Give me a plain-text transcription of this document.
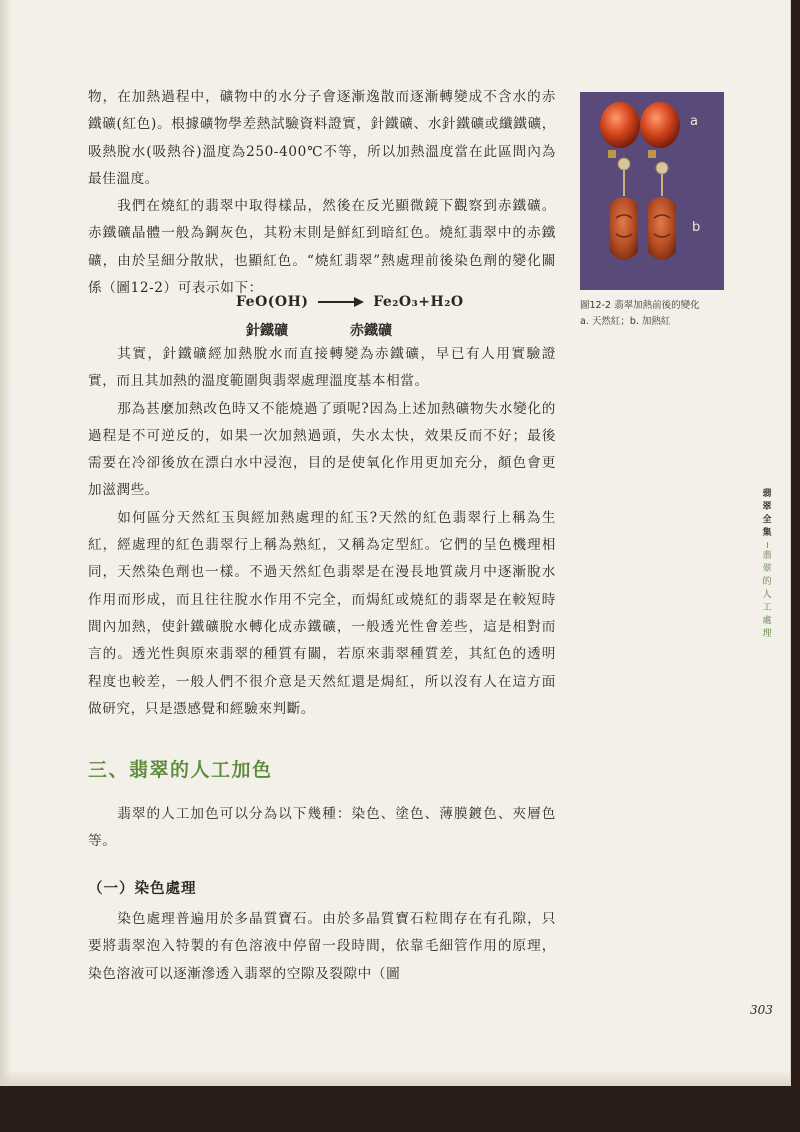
物，在加熱過程中，礦物中的水分子會逐漸逸散而逐漸轉變成不含水的赤鐵礦(紅色)。根據礦物學差熱試驗資料證實，針鐵礦、水針鐵礦或纖鐵礦，吸熱脫水(吸熱谷)溫度為250-400℃不等，所以加熱溫度當在此區間內為最佳溫度。

我們在燒紅的翡翠中取得樣品，然後在反光顯微鏡下觀察到赤鐵礦。赤鐵礦晶體一般為鋼灰色，其粉末則是鮮紅到暗紅色。燒紅翡翠中的赤鐵礦，由於呈細分散狀，也顯紅色。“燒紅翡翠”熱處理前後染色劑的變化關係（圖12-2）可表示如下：

FeO(OH)	Fe₂O₃+H₂O
針鐵礦	赤鐵礦

其實，針鐵礦經加熱脫水而直接轉變為赤鐵礦，早已有人用實驗證實，而且其加熱的溫度範圍與翡翠處理溫度基本相當。

那為甚麼加熱改色時又不能燒過了頭呢?因為上述加熱礦物失水變化的過程是不可逆反的，如果一次加熱過頭，失水太快，效果反而不好；最後需要在冷卻後放在漂白水中浸泡，目的是使氧化作用更加充分，顏色會更加滋潤些。

如何區分天然紅玉與經加熱處理的紅玉?天然的紅色翡翠行上稱為生紅，經處理的紅色翡翠行上稱為熟紅，又稱為定型紅。它們的呈色機理相同，天然染色劑也一樣。不過天然紅色翡翠是在漫長地質歲月中逐漸脫水作用而形成，而且往往脫水作用不完全，而焗紅或燒紅的翡翠是在較短時間內加熱，使針鐵礦脫水轉化成赤鐵礦，一般透光性會差些，這是相對而言的。透光性與原來翡翠的種質有關，若原來翡翠種質差，其紅色的透明程度也較差，一般人們不很介意是天然紅還是焗紅，所以沒有人在這方面做研究，只是憑感覺和經驗來判斷。

三、翡翠的人工加色

翡翠的人工加色可以分為以下幾種：染色、塗色、薄膜鍍色、夾層色等。

（一）染色處理

染色處理普遍用於多晶質寶石。由於多晶質寶石粒間存在有孔隙，只要將翡翠泡入特製的有色溶液中停留一段時間，依靠毛細管作用的原理，染色溶液可以逐漸滲透入翡翠的空隙及裂隙中（圖

a
b
圖12-2 翡翠加熱前後的變化
a. 天然紅；b. 加熱紅
翡
翠
全
集
翡
翠
的
人
工
處
理
303
